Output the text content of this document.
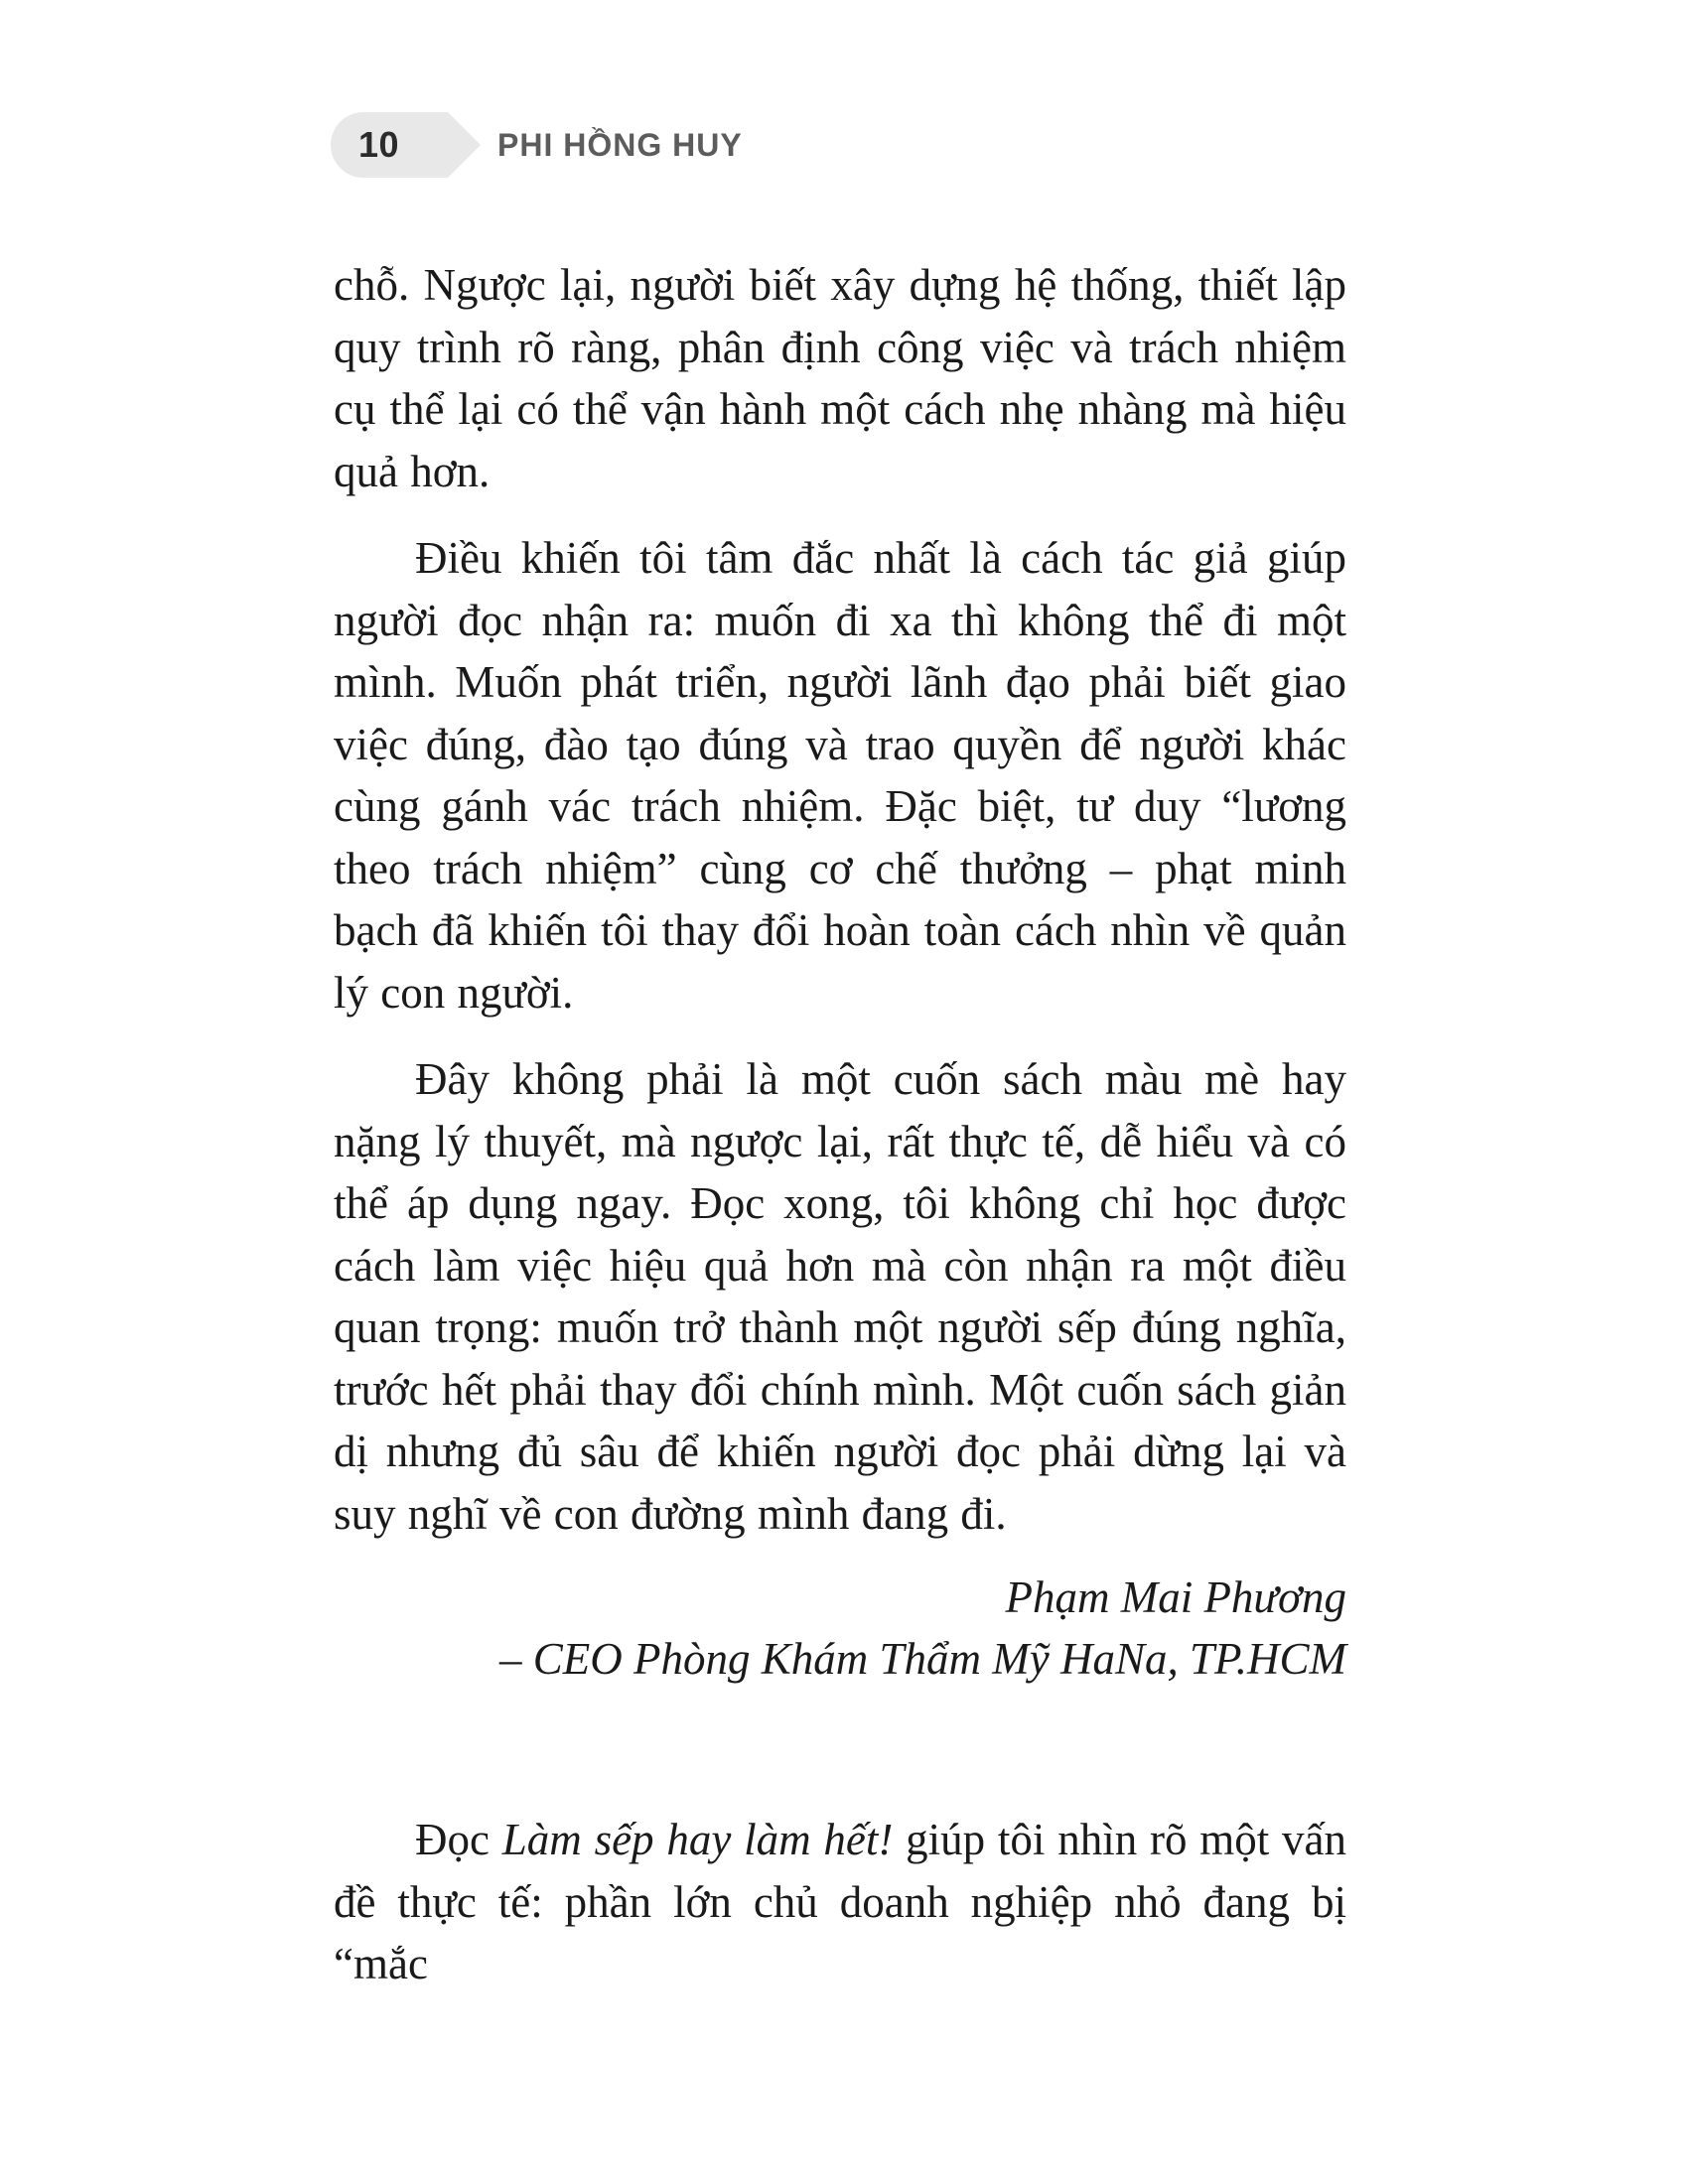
10	PHI HỒNG HUY

chỗ. Ngược lại, người biết xây dựng hệ thống, thiết lập quy trình rõ ràng, phân định công việc và trách nhiệm cụ thể lại có thể vận hành một cách nhẹ nhàng mà hiệu quả hơn.

Điều khiến tôi tâm đắc nhất là cách tác giả giúp người đọc nhận ra: muốn đi xa thì không thể đi một mình. Muốn phát triển, người lãnh đạo phải biết giao việc đúng, đào tạo đúng và trao quyền để người khác cùng gánh vác trách nhiệm. Đặc biệt, tư duy “lương theo trách nhiệm” cùng cơ chế thưởng – phạt minh bạch đã khiến tôi thay đổi hoàn toàn cách nhìn về quản lý con người.

Đây không phải là một cuốn sách màu mè hay nặng lý thuyết, mà ngược lại, rất thực tế, dễ hiểu và có thể áp dụng ngay. Đọc xong, tôi không chỉ học được cách làm việc hiệu quả hơn mà còn nhận ra một điều quan trọng: muốn trở thành một người sếp đúng nghĩa, trước hết phải thay đổi chính mình. Một cuốn sách giản dị nhưng đủ sâu để khiến người đọc phải dừng lại và suy nghĩ về con đường mình đang đi.

Phạm Mai Phương

– CEO Phòng Khám Thẩm Mỹ HaNa, TP.HCM

Đọc Làm sếp hay làm hết! giúp tôi nhìn rõ một vấn đề thực tế: phần lớn chủ doanh nghiệp nhỏ đang bị “mắc
